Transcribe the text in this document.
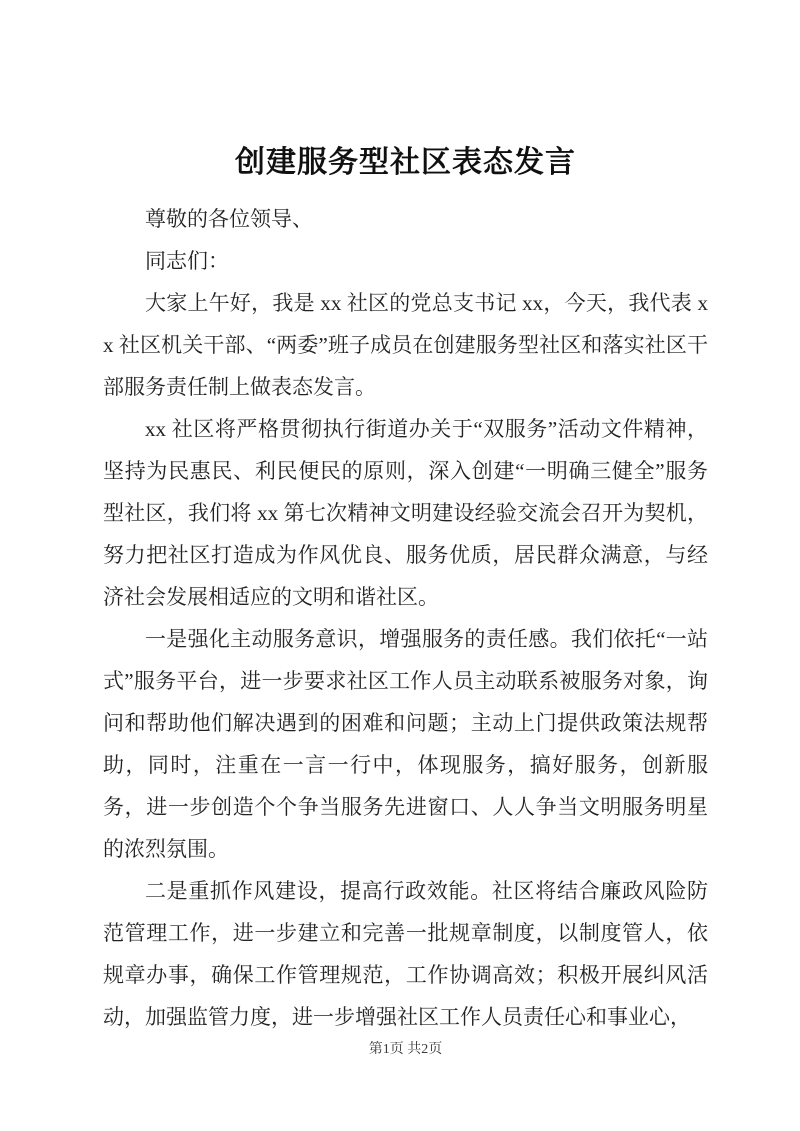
创建服务型社区表态发言

尊敬的各位领导、

同志们：

大家上午好，我是 xx 社区的党总支书记 xx，今天，我代表 xx 社区机关干部、“两委”班子成员在创建服务型社区和落实社区干部服务责任制上做表态发言。

xx 社区将严格贯彻执行街道办关于“双服务”活动文件精神，坚持为民惠民、利民便民的原则，深入创建“一明确三健全”服务型社区，我们将 xx 第七次精神文明建设经验交流会召开为契机，努力把社区打造成为作风优良、服务优质，居民群众满意，与经济社会发展相适应的文明和谐社区。

一是强化主动服务意识，增强服务的责任感。我们依托“一站式”服务平台，进一步要求社区工作人员主动联系被服务对象，询问和帮助他们解决遇到的困难和问题；主动上门提供政策法规帮助，同时，注重在一言一行中，体现服务，搞好服务，创新服务，进一步创造个个争当服务先进窗口、人人争当文明服务明星的浓烈氛围。

二是重抓作风建设，提高行政效能。社区将结合廉政风险防范管理工作，进一步建立和完善一批规章制度，以制度管人，依规章办事，确保工作管理规范，工作协调高效；积极开展纠风活动，加强监管力度，进一步增强社区工作人员责任心和事业心，

第1页 共2页
